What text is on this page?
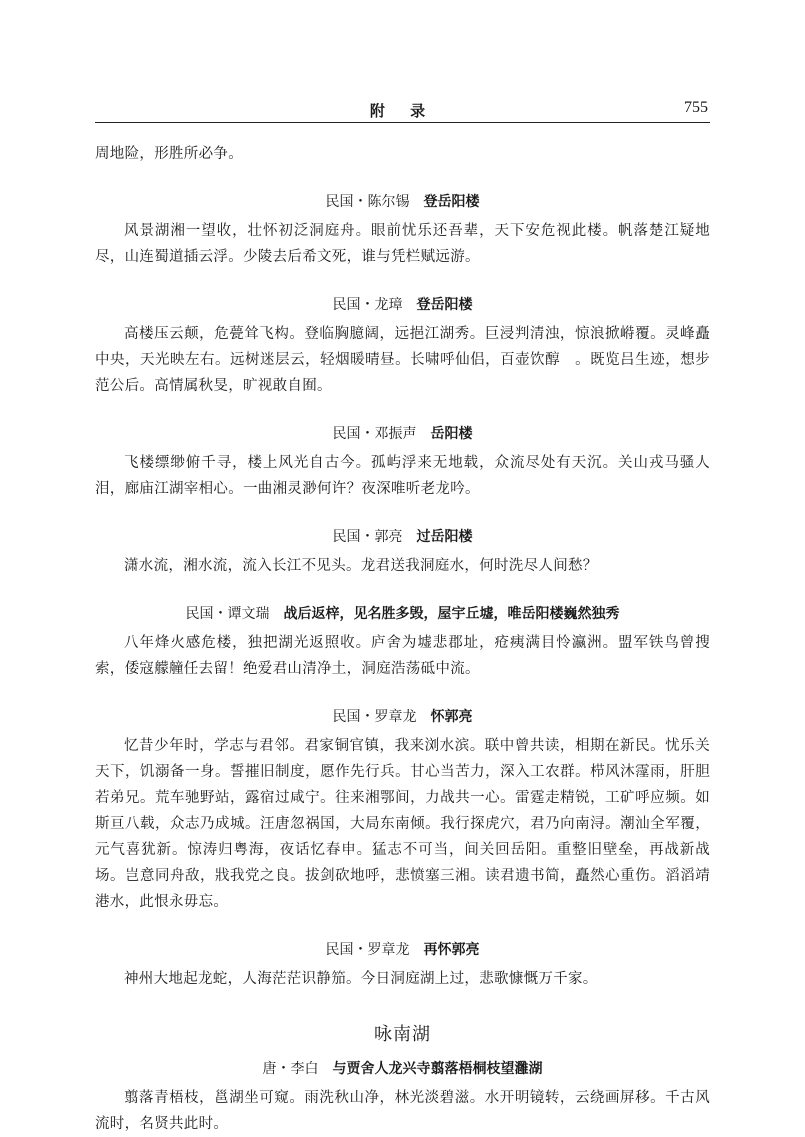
附 录	755

周地险，形胜所必争。

民国・陈尔锡 登岳阳楼

风景湖湘一望收，壮怀初泛洞庭舟。眼前忧乐还吾辈，天下安危视此楼。帆落楚江疑地尽，山连蜀道插云浮。少陵去后希文死，谁与凭栏赋远游。

民国・龙璋 登岳阳楼

高楼压云颠，危甍耸飞构。登临胸臆阔，远挹江湖秀。巨浸判清浊，惊浪掀崻覆。灵峰矗中央，天光映左右。远树迷层云，轻烟暖晴昼。长啸呼仙侣，百壶饮醇　。既览吕生迹，想步范公后。高情属秋旻，旷视敢自囿。

民国・邓振声 岳阳楼

飞楼缥缈俯千寻，楼上风光自古今。孤屿浮来无地载，众流尽处有天沉。关山戎马骚人泪，廊庙江湖宰相心。一曲湘灵渺何许？夜深唯听老龙吟。

民国・郭亮 过岳阳楼

潇水流，湘水流，流入长江不见头。龙君送我洞庭水，何时洗尽人间愁？

民国・谭文瑞 战后返梓，见名胜多毁，屋宇丘墟，唯岳阳楼巍然独秀

八年烽火感危楼，独把湖光返照收。庐舍为墟悲郡址，疮痍满目怜瀛洲。盟军铁鸟曾搜索，倭寇艨艟任去留！绝爱君山清净土，洞庭浩荡砥中流。

民国・罗章龙 怀郭亮

忆昔少年时，学志与君邻。君家铜官镇，我来浏水滨。联中曾共读，相期在新民。忧乐关天下，饥溺备一身。誓摧旧制度，愿作先行兵。甘心当苦力，深入工农群。栉风沐霪雨，肝胆若弟兄。荒车驰野站，露宿过咸宁。往来湘鄂间，力战共一心。雷霆走精锐，工矿呼应频。如斯亘八载，众志乃成城。汪唐忽祸国，大局东南倾。我行探虎穴，君乃向南浔。潮汕全军覆，元气喜犹新。惊涛归粤海，夜话忆春申。猛志不可当，间关回岳阳。重整旧壁垒，再战新战场。岂意同舟敌，戕我党之良。拔剑砍地呼，悲愤塞三湘。读君遗书简，矗然心重伤。滔滔靖港水，此恨永毋忘。

民国・罗章龙 再怀郭亮

神州大地起龙蛇，人海茫茫识静笳。今日洞庭湖上过，悲歌慷慨万千家。

咏南湖

唐・李白 与贾舍人龙兴寺翦落梧桐枝望灉湖

翦落青梧枝，邕湖坐可窥。雨洗秋山净，林光淡碧滋。水开明镜转，云绕画屏移。千古风流时，名贤共此时。
